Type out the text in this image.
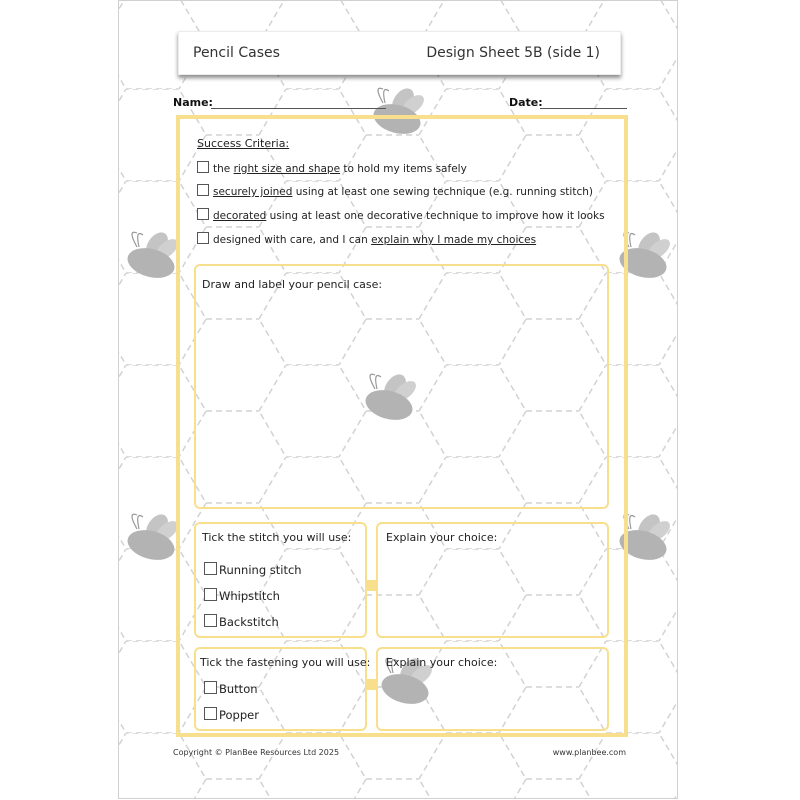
Pencil Cases	Design Sheet 5B (side 1)
Name:	Date:
Success Criteria:
the right size and shape to hold my items safely
securely joined using at least one sewing technique (e.g. running stitch)
decorated using at least one decorative technique to improve how it looks
designed with care, and I can explain why I made my choices
Draw and label your pencil case:
Tick the stitch you will use:	Explain your choice:
Running stitch
Whipstitch
Backstitch
Tick the fastening you will use: Explain your choice:
Button
Popper
Copyright © PlanBee Resources Ltd 2025	www.planbee.com
